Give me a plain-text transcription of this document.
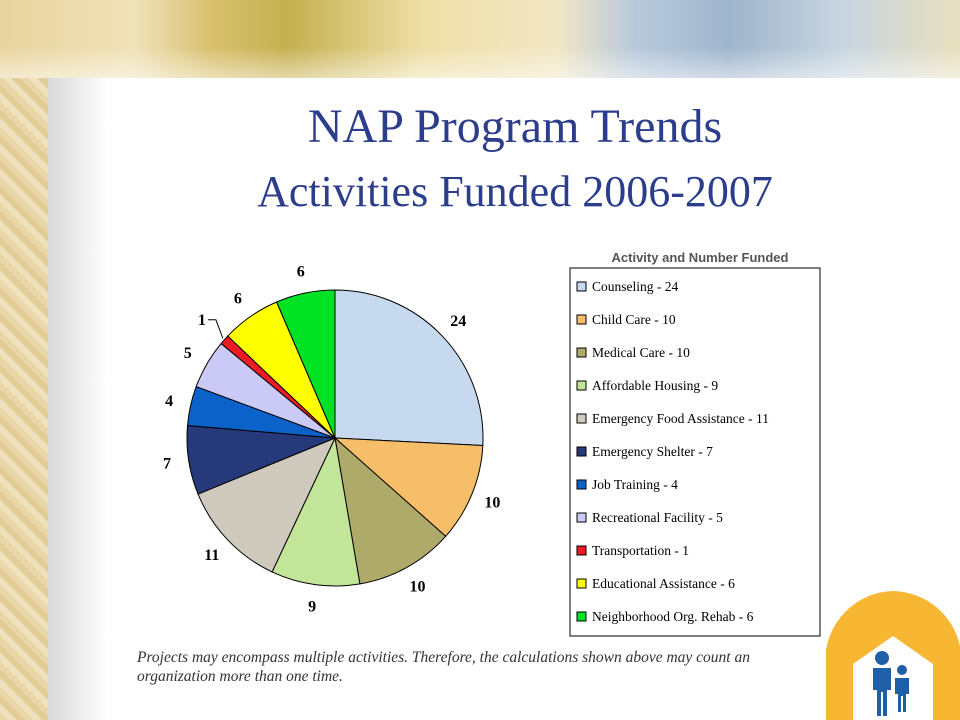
NAP Program Trends
Activities Funded 2006-2007
24
10
10
9
11
7
4
5
1
6
6
Activity and Number Funded
Counseling - 24
Child Care - 10
Medical Care - 10
Affordable Housing - 9
Emergency Food Assistance - 11
Emergency Shelter - 7
Job Training - 4
Recreational Facility - 5
Transportation - 1
Educational Assistance - 6
Neighborhood Org. Rehab - 6
Projects may encompass multiple activities. Therefore, the calculations shown above may count an organization more than one time.
